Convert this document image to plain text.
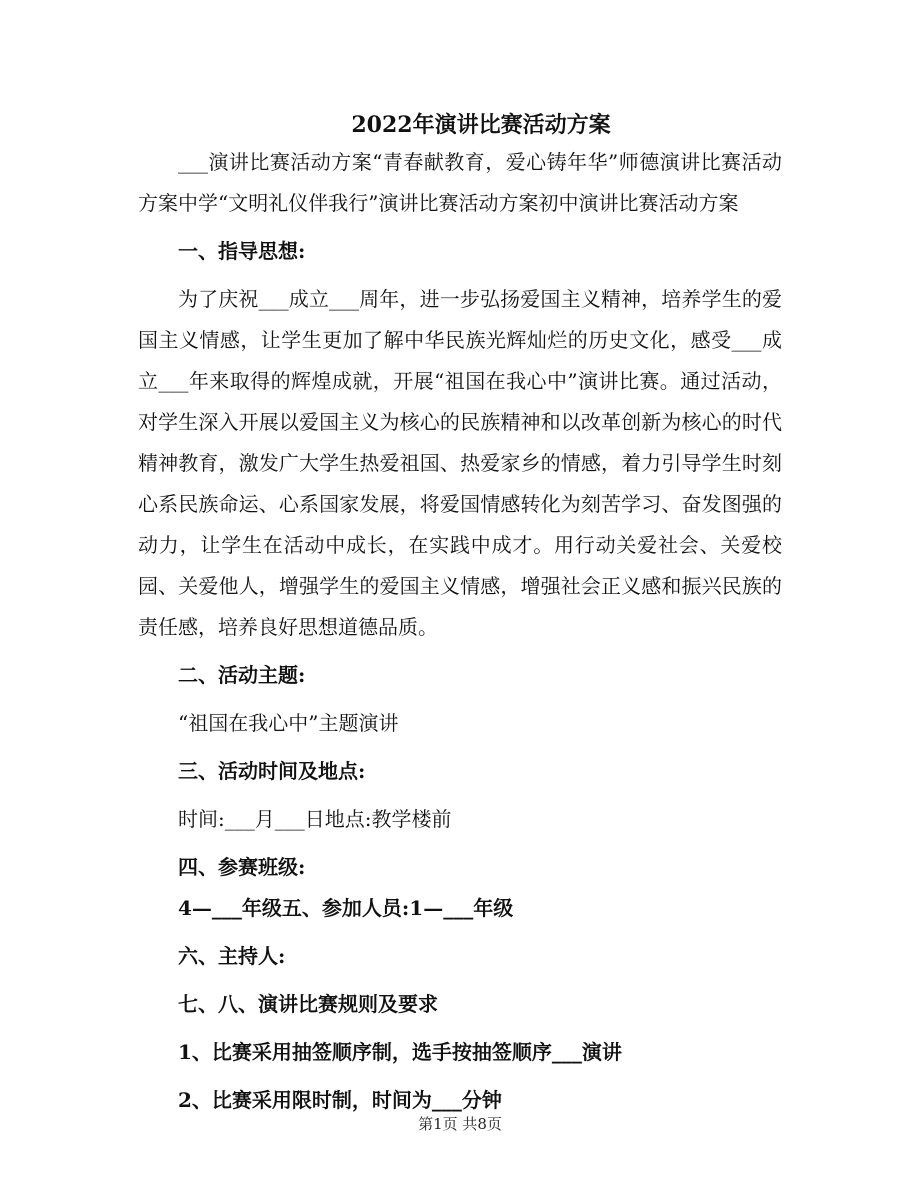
2022年演讲比赛活动方案

___演讲比赛活动方案“青春献教育，爱心铸年华”师德演讲比赛活动方案中学“文明礼仪伴我行”演讲比赛活动方案初中演讲比赛活动方案

一、指导思想:

为了庆祝___成立___周年，进一步弘扬爱国主义精神，培养学生的爱国主义情感，让学生更加了解中华民族光辉灿烂的历史文化，感受___成立___年来取得的辉煌成就，开展“祖国在我心中”演讲比赛。通过活动，对学生深入开展以爱国主义为核心的民族精神和以改革创新为核心的时代精神教育，激发广大学生热爱祖国、热爱家乡的情感，着力引导学生时刻心系民族命运、心系国家发展，将爱国情感转化为刻苦学习、奋发图强的动力，让学生在活动中成长，在实践中成才。用行动关爱社会、关爱校园、关爱他人，增强学生的爱国主义情感，增强社会正义感和振兴民族的责任感，培养良好思想道德品质。

二、活动主题:

“祖国在我心中”主题演讲

三、活动时间及地点:

时间:___月___日地点:教学楼前

四、参赛班级:

4—___年级五、参加人员:1—___年级

六、主持人:

七、八、演讲比赛规则及要求

1、比赛采用抽签顺序制，选手按抽签顺序___演讲

2、比赛采用限时制，时间为___分钟

第1页 共8页
